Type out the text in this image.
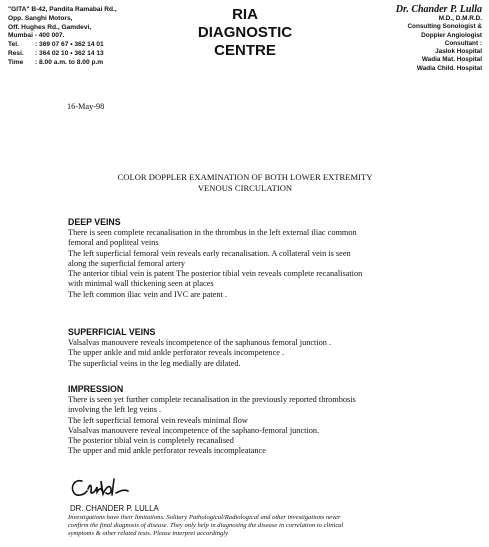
"GITA" B-42, Pandita Ramabai Rd.,
Opp. Sanghi Motors,
Off. Hughes Rd., Gamdevi,
Mumbai - 400 007.
Tel.	: 369 07 67 • 362 14 01
Resi.	: 364 02 10 • 362 14 13
Time	: 8.00 a.m. to 8.00 p.m
RIA
DIAGNOSTIC
CENTRE
Dr. Chander P. Lulla
M.D., D.M.R.D.
Consulting Sonologist &
Doppler Angiologist
Consultant :
Jaslok Hospital
Wadia Mat. Hospital
Wadia Child. Hospital
16-May-98
COLOR DOPPLER EXAMINATION OF BOTH LOWER EXTREMITY
VENOUS CIRCULATION
DEEP VEINS
There is seen complete recanalisation in the thrombus in the left external iliac common
femoral and popliteal veins
The left superficial femoral vein reveals early recanalisation. A collateral vein is seen
along the superficial femoral artery
The anterior tibial vein is patent The posterior tibial vein reveals complete recanalisation
with minimal wall thickening seen at places
The left common iliac vein and IVC are patent .
SUPERFICIAL VEINS
Valsalvas manouvere reveals incompetence of the saphanous femoral junction .
The upper ankle and mid ankle perforator reveals incompetence .
The superficial veins in the leg medially are dilated.
IMPRESSION
There is seen yet further complete recanalisation in the previously reported thrombosis
involving the left leg veins .
The left superficial femoral vein reveals minimal flow
Valsalvas manouvere reveal incompetence of the saphano-femoral junction.
The posterior tibial vein is completely recanalised
The upper and mid ankle perforator reveals incompleatance
DR. CHANDER P. LULLA
Investigations have their limitations. Solitary Pathological/Radiological and other investigations never
confirm the final diagnosis of disease. They only help in diagnosing the disease in correlation to clinical
symptoms & other related tests. Please interpret accordingly
